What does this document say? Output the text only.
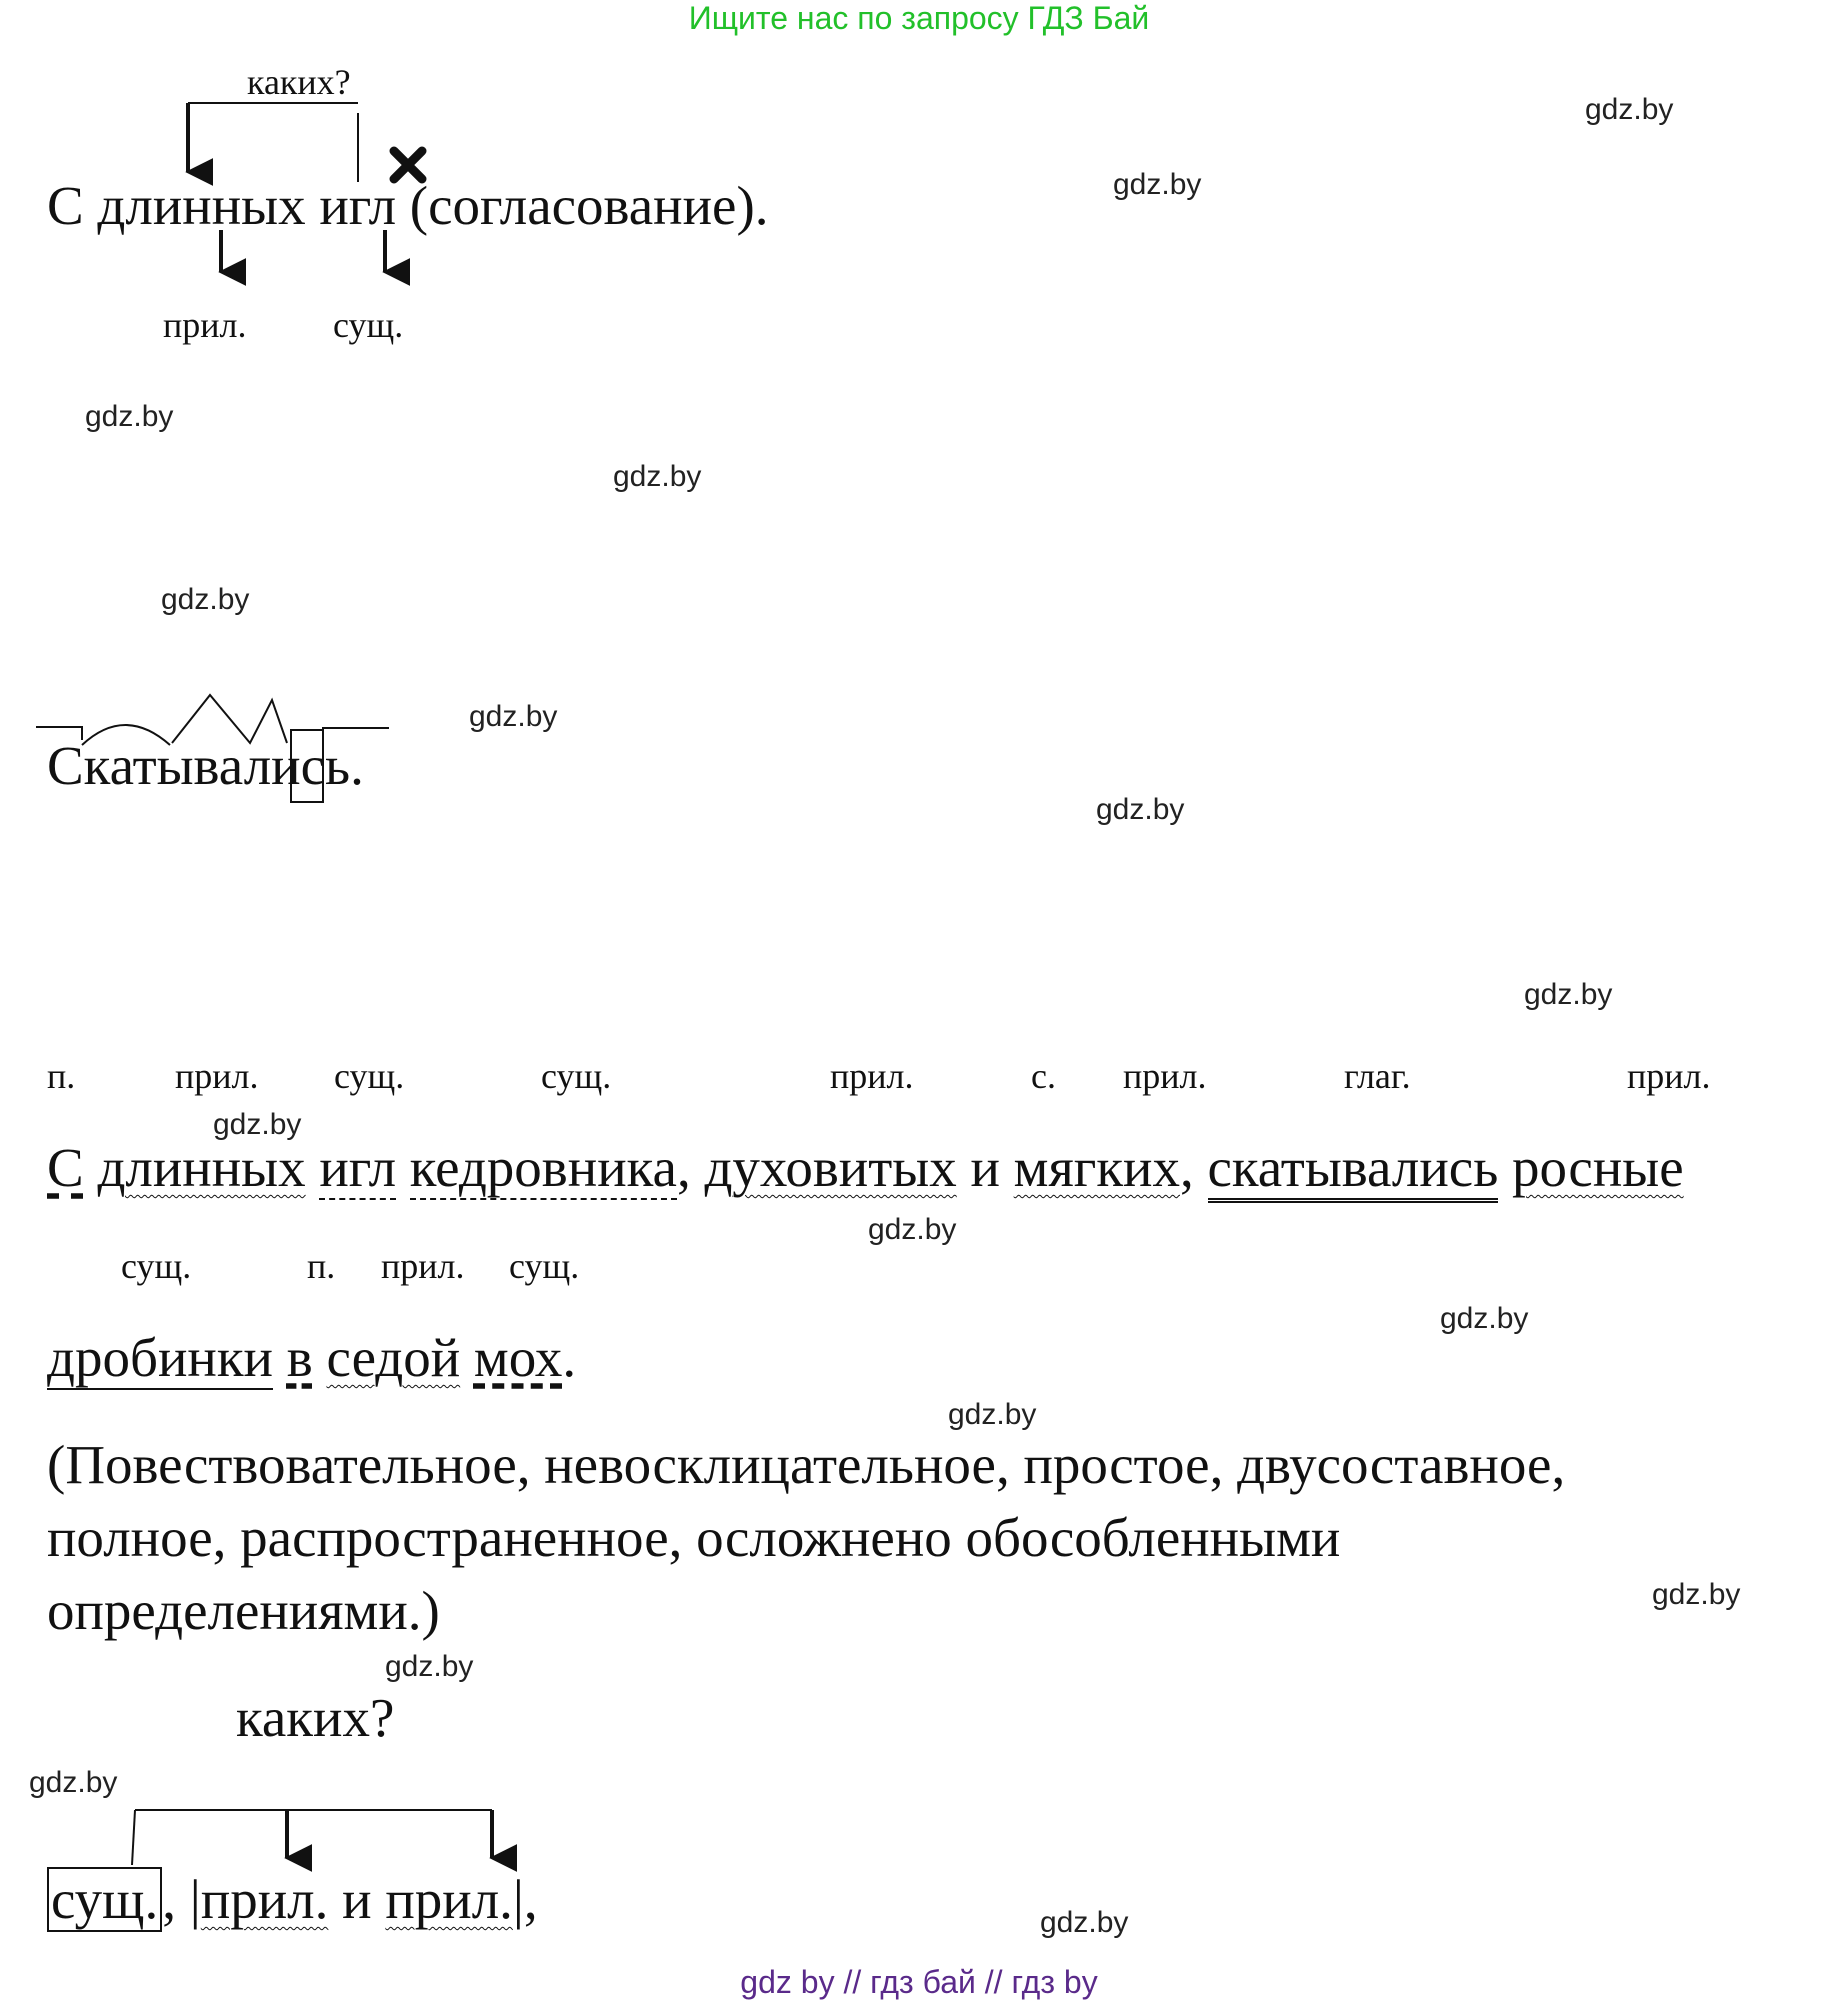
Ищите нас по запросу ГДЗ Бай
gdz.by
gdz.by
gdz.by
gdz.by
gdz.by
gdz.by
gdz.by
gdz.by
gdz.by
gdz.by
gdz.by
gdz.by
gdz.by
gdz.by
gdz.by
gdz.by
каких?
С длинных игл (согласование).
прил. сущ.
Скатывались.
п.	прил. сущ.	сущ.	прил.	с. прил.	глаг.	прил.
С длинных игл кедровника, духовитых и мягких, скатывались росные
сущ.	п. прил. сущ.
дробинки в седой мох.
(Повествовательное, невосклицательное, простое, двусоставное,
полное, распространенное, осложнено обособленными
определениями.)
каких?
сущ., |прил. и прил.|,
gdz by // гдз бай // гдз by
